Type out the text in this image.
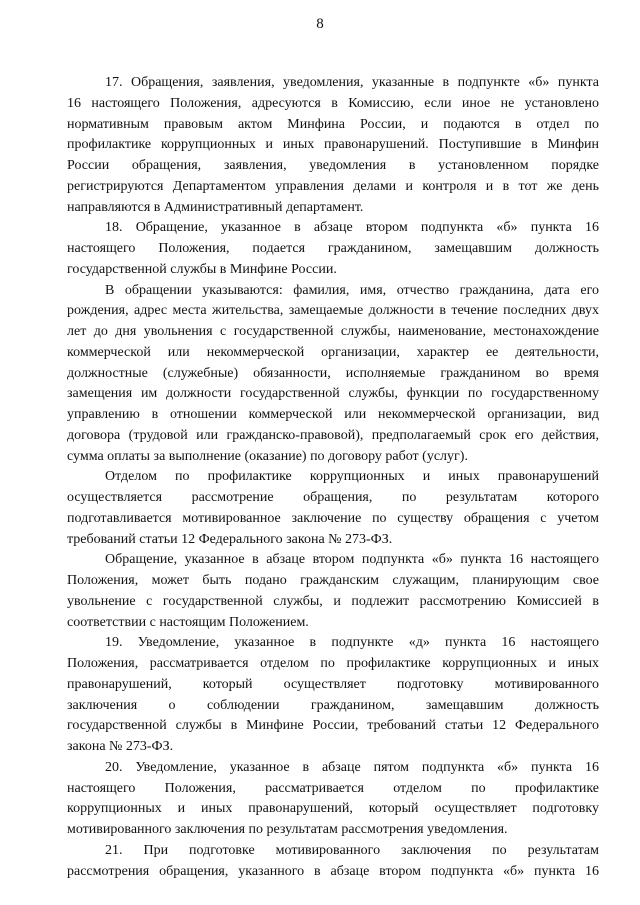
8
17. Обращения, заявления, уведомления, указанные в подпункте «б» пункта
16 настоящего Положения, адресуются в Комиссию, если иное не установлено
нормативным правовым актом Минфина России, и подаются в отдел по
профилактике коррупционных и иных правонарушений. Поступившие в Минфин
России обращения, заявления, уведомления в установленном порядке
регистрируются Департаментом управления делами и контроля и в тот же день
направляются в Административный департамент.
18. Обращение, указанное в абзаце втором подпункта «б» пункта 16
настоящего Положения, подается гражданином, замещавшим должность
государственной службы в Минфине России.
В обращении указываются: фамилия, имя, отчество гражданина, дата его
рождения, адрес места жительства, замещаемые должности в течение последних двух
лет до дня увольнения с государственной службы, наименование, местонахождение
коммерческой или некоммерческой организации, характер ее деятельности,
должностные (служебные) обязанности, исполняемые гражданином во время
замещения им должности государственной службы, функции по государственному
управлению в отношении коммерческой или некоммерческой организации, вид
договора (трудовой или гражданско-правовой), предполагаемый срок его действия,
сумма оплаты за выполнение (оказание) по договору работ (услуг).
Отделом по профилактике коррупционных и иных правонарушений
осуществляется рассмотрение обращения, по результатам которого
подготавливается мотивированное заключение по существу обращения с учетом
требований статьи 12 Федерального закона № 273-ФЗ.
Обращение, указанное в абзаце втором подпункта «б» пункта 16 настоящего
Положения, может быть подано гражданским служащим, планирующим свое
увольнение с государственной службы, и подлежит рассмотрению Комиссией в
соответствии с настоящим Положением.
19. Уведомление, указанное в подпункте «д» пункта 16 настоящего
Положения, рассматривается отделом по профилактике коррупционных и иных
правонарушений, который осуществляет подготовку мотивированного
заключения о соблюдении гражданином, замещавшим должность
государственной службы в Минфине России, требований статьи 12 Федерального
закона № 273-ФЗ.
20. Уведомление, указанное в абзаце пятом подпункта «б» пункта 16
настоящего Положения, рассматривается отделом по профилактике
коррупционных и иных правонарушений, который осуществляет подготовку
мотивированного заключения по результатам рассмотрения уведомления.
21. При подготовке мотивированного заключения по результатам
рассмотрения обращения, указанного в абзаце втором подпункта «б» пункта 16
